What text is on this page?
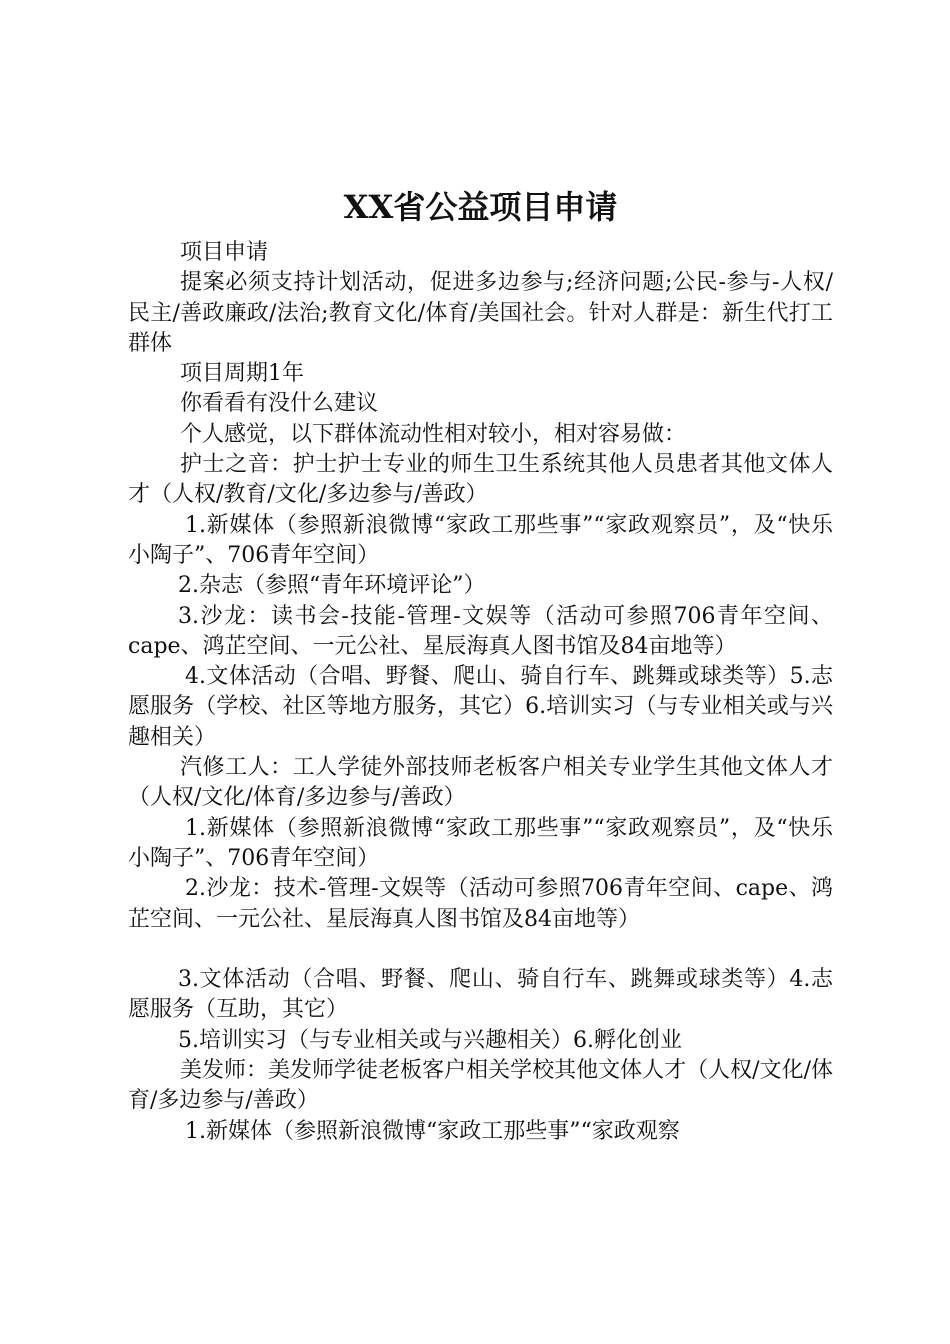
XX省公益项目申请

项目申请

提案必须支持计划活动，促进多边参与;经济问题;公民-参与-人权/民主/善政廉政/法治;教育文化/体育/美国社会。针对人群是：新生代打工群体

项目周期1年

你看看有没什么建议

个人感觉，以下群体流动性相对较小，相对容易做：

护士之音：护士护士专业的师生卫生系统其他人员患者其他文体人才（人权/教育/文化/多边参与/善政）

1.新媒体（参照新浪微博“家政工那些事”“家政观察员”，及“快乐小陶子”、706青年空间）

2.杂志（参照“青年环境评论”）

3.沙龙：读书会-技能-管理-文娱等（活动可参照706青年空间、cape、鸿芷空间、一元公社、星辰海真人图书馆及84亩地等）

4.文体活动（合唱、野餐、爬山、骑自行车、跳舞或球类等）5.志愿服务（学校、社区等地方服务，其它）6.培训实习（与专业相关或与兴趣相关）

汽修工人：工人学徒外部技师老板客户相关专业学生其他文体人才（人权/文化/体育/多边参与/善政）

1.新媒体（参照新浪微博“家政工那些事”“家政观察员”，及“快乐小陶子”、706青年空间）

2.沙龙：技术-管理-文娱等（活动可参照706青年空间、cape、鸿芷空间、一元公社、星辰海真人图书馆及84亩地等）

3.文体活动（合唱、野餐、爬山、骑自行车、跳舞或球类等）4.志愿服务（互助，其它）

5.培训实习（与专业相关或与兴趣相关）6.孵化创业

美发师：美发师学徒老板客户相关学校其他文体人才（人权/文化/体育/多边参与/善政）

1.新媒体（参照新浪微博“家政工那些事”“家政观察
